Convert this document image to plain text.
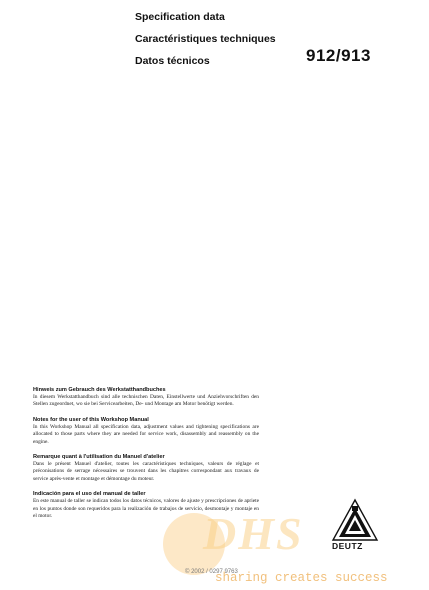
Specification data
Caractéristiques techniques
Datos técnicos	912/913
Hinweis zum Gebrauch des Werkstatthandbuches

In diesem Werkstatthandbuch sind alle technischen Daten, Einstellwerte und Anziehvorschriften den Stellen zugeordnet, wo sie bei Servicearbeiten, De- und Montage am Motor benötigt werden.

Notes for the user of this Workshop Manual

In this Workshop Manual all specification data, adjustment values and tightening specifications are allocated to those parts where they are needed for service work, disassembly and reassembly on the engine.

Remarque quant à l'utilisation du Manuel d'atelier

Dans le présent Manuel d'atelier, toutes les caractéristiques techniques, valeurs de réglage et préconisations de serrage nécessaires se trouvent dans les chapitres correspondant aux travaux de service après-vente et montage et démontage du moteur.

Indicación para el uso del manual de taller

En este manual de taller se indican todos los datos técnicos, valores de ajuste y prescripciones de apriete en los puntos donde son requeridos para la realización de trabajos de servicio, desmontaje y montaje en el motor.	DHS	DEUTZ
© 2002 / 0297 9763
sharing creates success
